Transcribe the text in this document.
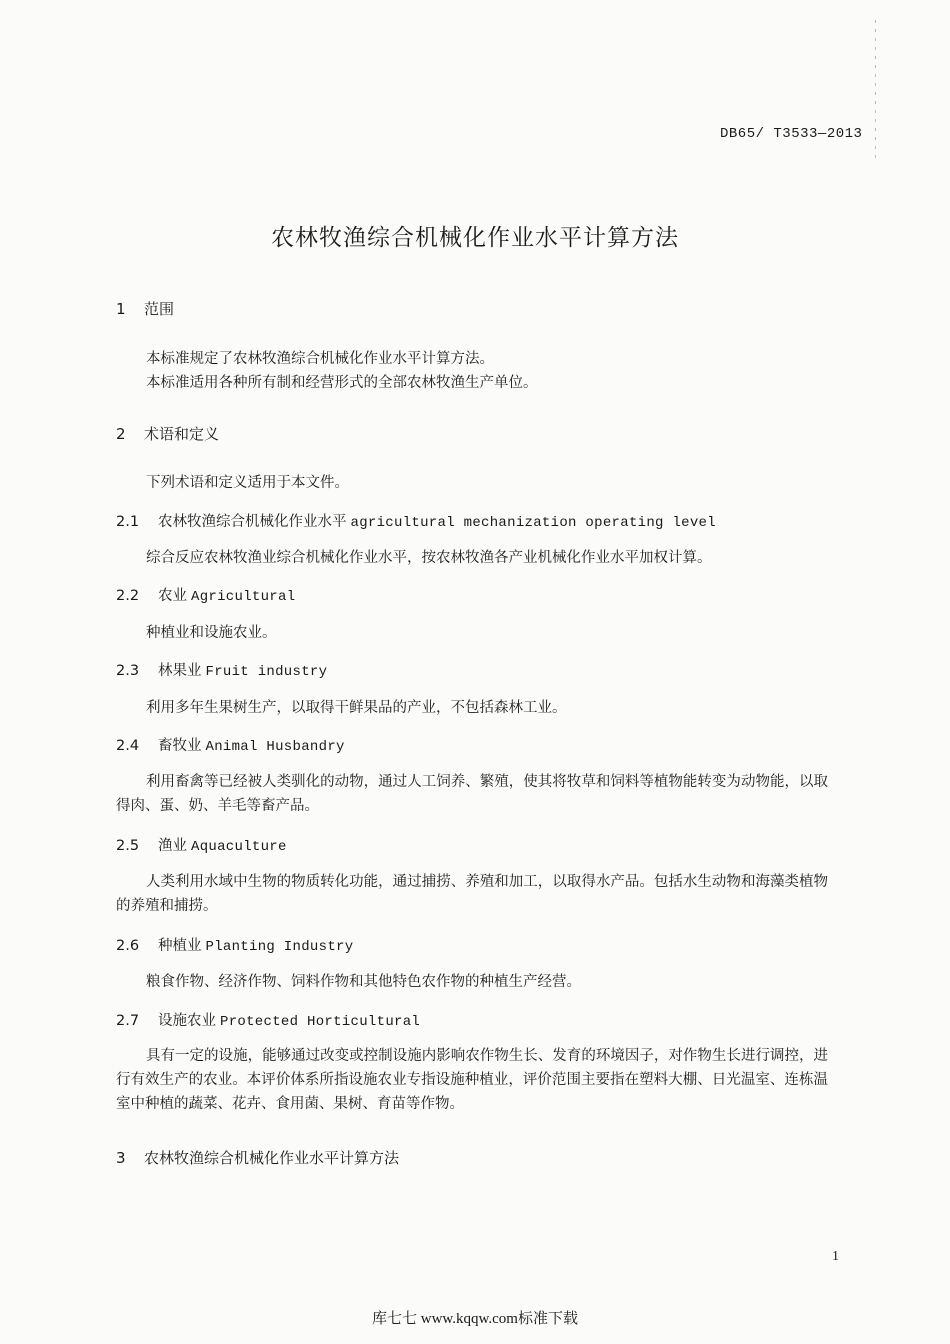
DB65/ T3533—2013
农林牧渔综合机械化作业水平计算方法
1 范围
本标准规定了农林牧渔综合机械化作业水平计算方法。
本标准适用各种所有制和经营形式的全部农林牧渔生产单位。
2 术语和定义
下列术语和定义适用于本文件。
2.1 农林牧渔综合机械化作业水平 agricultural mechanization operating level
综合反应农林牧渔业综合机械化作业水平，按农林牧渔各产业机械化作业水平加权计算。
2.2 农业 Agricultural
种植业和设施农业。
2.3 林果业 Fruit industry
利用多年生果树生产，以取得干鲜果品的产业，不包括森林工业。
2.4 畜牧业 Animal Husbandry
利用畜禽等已经被人类驯化的动物，通过人工饲养、繁殖，使其将牧草和饲料等植物能转变为动物能，以取得肉、蛋、奶、羊毛等畜产品。
2.5 渔业 Aquaculture
人类利用水域中生物的物质转化功能，通过捕捞、养殖和加工，以取得水产品。包括水生动物和海藻类植物的养殖和捕捞。
2.6 种植业 Planting Industry
粮食作物、经济作物、饲料作物和其他特色农作物的种植生产经营。
2.7 设施农业 Protected Horticultural
具有一定的设施，能够通过改变或控制设施内影响农作物生长、发育的环境因子，对作物生长进行调控，进行有效生产的农业。本评价体系所指设施农业专指设施种植业，评价范围主要指在塑料大棚、日光温室、连栋温室中种植的蔬菜、花卉、食用菌、果树、育苗等作物。
3 农林牧渔综合机械化作业水平计算方法
1
库七七 www.kqqw.com标准下载
